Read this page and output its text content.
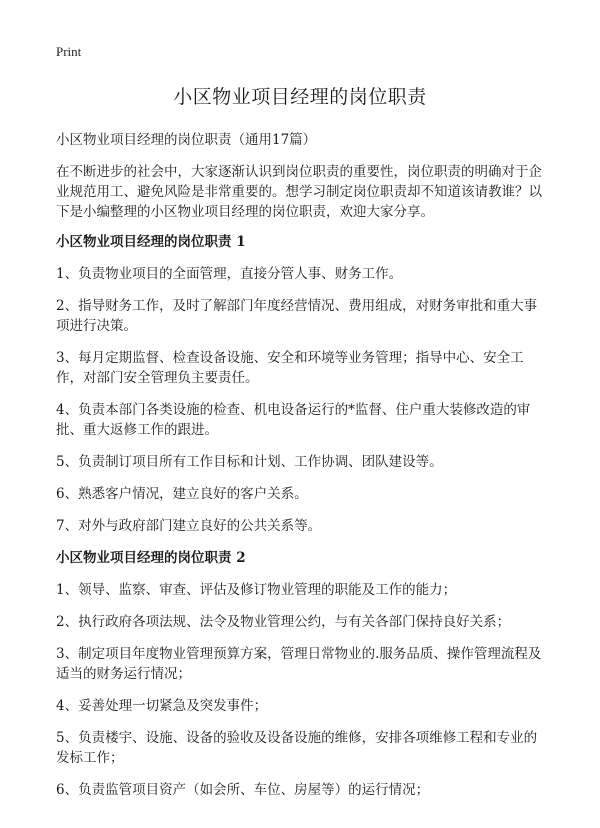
Print
小区物业项目经理的岗位职责

小区物业项目经理的岗位职责（通用17篇）

在不断进步的社会中，大家逐渐认识到岗位职责的重要性，岗位职责的明确对于企业规范用工、避免风险是非常重要的。想学习制定岗位职责却不知道该请教谁？以下是小编整理的小区物业项目经理的岗位职责，欢迎大家分享。

小区物业项目经理的岗位职责 1

1、负责物业项目的全面管理，直接分管人事、财务工作。

2、指导财务工作，及时了解部门年度经营情况、费用组成，对财务审批和重大事项进行决策。

3、每月定期监督、检查设备设施、安全和环境等业务管理；指导中心、安全工作，对部门安全管理负主要责任。

4、负责本部门各类设施的检查、机电设备运行的*监督、住户重大装修改造的审批、重大返修工作的跟进。

5、负责制订项目所有工作目标和计划、工作协调、团队建设等。

6、熟悉客户情况，建立良好的客户关系。

7、对外与政府部门建立良好的公共关系等。

小区物业项目经理的岗位职责 2

1、领导、监察、审查、评估及修订物业管理的职能及工作的能力；

2、执行政府各项法规、法令及物业管理公约，与有关各部门保持良好关系；

3、制定项目年度物业管理预算方案，管理日常物业的.服务品质、操作管理流程及适当的财务运行情况；

4、妥善处理一切紧急及突发事件；

5、负责楼宇、设施、设备的验收及设备设施的维修，安排各项维修工程和专业的发标工作；

6、负责监管项目资产（如会所、车位、房屋等）的运行情况；
